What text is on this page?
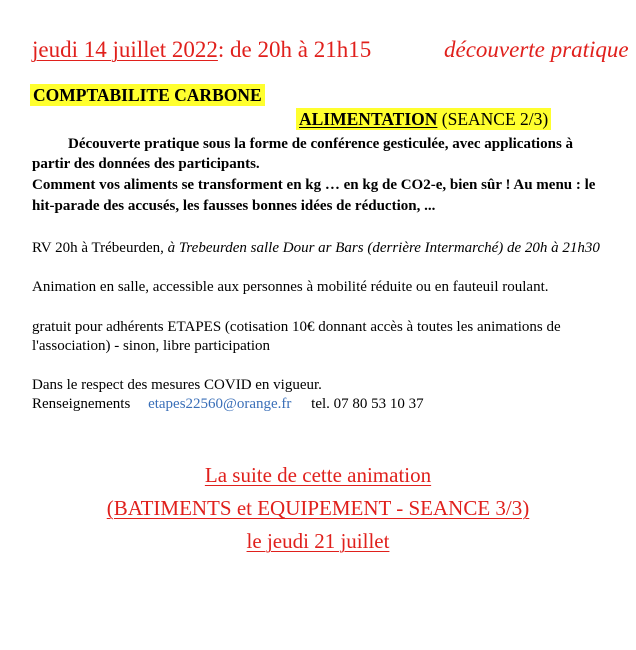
jeudi 14 juillet 2022: de 20h à 21h15	découverte pratique
COMPTABILITE CARBONE
ALIMENTATION (SEANCE 2/3)
Découverte pratique sous la forme de conférence gesticulée, avec applications à
partir des données des participants.
Comment vos aliments se transforment en kg … en kg de CO2-e, bien sûr ! Au menu : le
hit-parade des accusés, les fausses bonnes idées de réduction, ...
RV 20h à Trébeurden, à Trebeurden salle Dour ar Bars (derrière Intermarché) de 20h à 21h30
Animation en salle, accessible aux personnes à mobilité réduite ou en fauteuil roulant.
gratuit pour adhérents ETAPES (cotisation 10€ donnant accès à toutes les animations de
l'association) - sinon, libre participation
Dans le respect des mesures COVID en vigueur.
Renseignements etapes22560@orange.fr tel. 07 80 53 10 37
La suite de cette animation
(BATIMENTS et EQUIPEMENT - SEANCE 3/3)
le jeudi 21 juillet
